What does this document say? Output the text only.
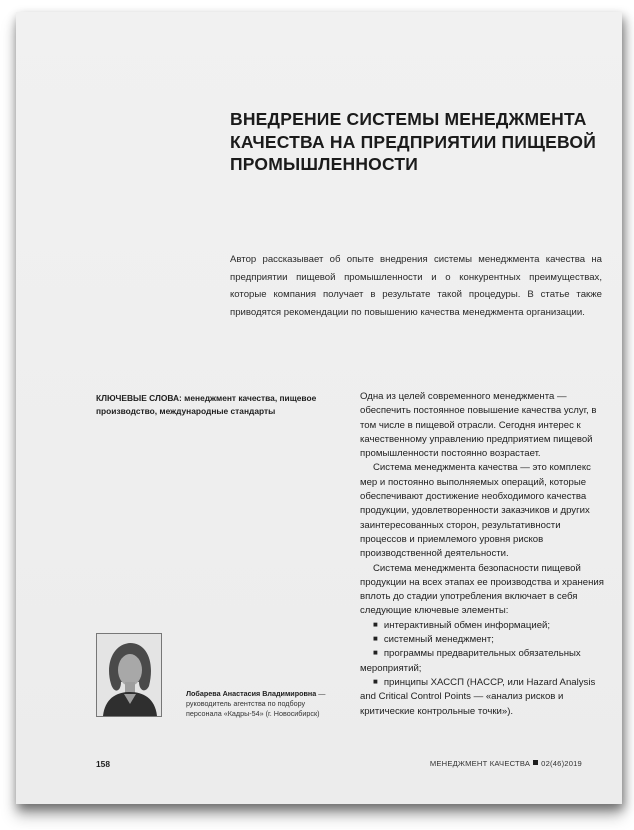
ВНЕДРЕНИЕ СИСТЕМЫ МЕНЕДЖМЕНТА КАЧЕСТВА НА ПРЕДПРИЯТИИ ПИЩЕВОЙ ПРОМЫШЛЕННОСТИ

Автор рассказывает об опыте внедрения системы менеджмента качества на предприятии пищевой промышленности и о конкурентных преимуществах, которые компания получает в результате такой процедуры. В статье также приводятся рекомендации по повышению качества менеджмента организации.

КЛЮЧЕВЫЕ СЛОВА: менеджмент качества, пищевое производство, международные стандарты

Одна из целей современного менеджмента — обеспечить постоянное повышение качества услуг, в том числе в пищевой отрасли. Сегодня интерес к качественному управлению предприятием пищевой промышленности постоянно возрастает.

Система менеджмента качества — это комплекс мер и постоянно выполняемых операций, которые обеспечивают достижение необходимого качества продукции, удовлетворенности заказчиков и других заинтересованных сторон, результативности процессов и приемлемого уровня рисков производственной деятельности.

Система менеджмента безопасности пищевой продукции на всех этапах ее производства и хранения вплоть до стадии употребления включает в себя следующие ключевые элементы:

■ интерактивный обмен информацией;

■ системный менеджмент;

■ программы предварительных обязательных мероприятий;

■ принципы ХАССП (HACCP, или Hazard Analysis and Critical Control Points — «анализ рисков и критические контрольные точки»).

Лобарева Анастасия Владимировна — руководитель агентства по подбору персонала «Кадры-54» (г. Новосибирск)

158	МЕНЕДЖМЕНТ КАЧЕСТВА 02(46)2019
